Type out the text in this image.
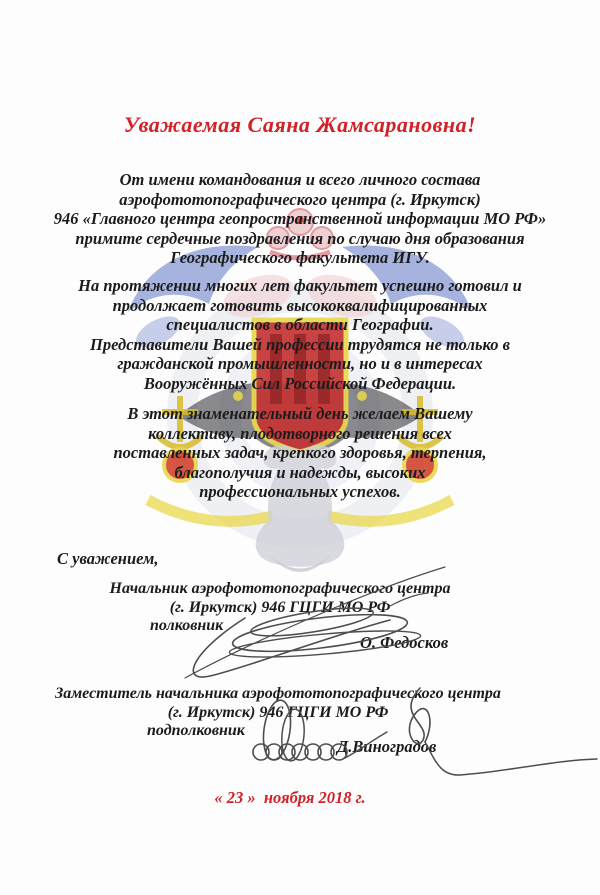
Уважаемая Саяна Жамсарановна!
От имени командования и всего личного состава
аэрофототопографического центра (г. Иркутск)
946 «Главного центра геопространственной информации МО РФ»
примите сердечные поздравления по случаю дня образования
Географического факультета ИГУ.
На протяжении многих лет факультет успешно готовил и
продолжает готовить высококвалифицированных
специалистов в области Географии.
Представители Вашей профессии трудятся не только в
гражданской промышленности, но и в интересах
Вооружённых Сил Российской Федерации.
В этот знаменательный день желаем Вашему
коллективу, плодотворного решения всех
поставленных задач, крепкого здоровья, терпения,
благополучия и надежды, высоких
профессиональных успехов.
С уважением,
Начальник аэрофототопографического центра
(г. Иркутск) 946 ГЦГИ МО РФ
полковник
О. Федосков
Заместитель начальника аэрофототопографического центра
(г. Иркутск) 946 ГЦГИ МО РФ
подполковник
Д.Виноградов
« 23 »  ноября 2018 г.
